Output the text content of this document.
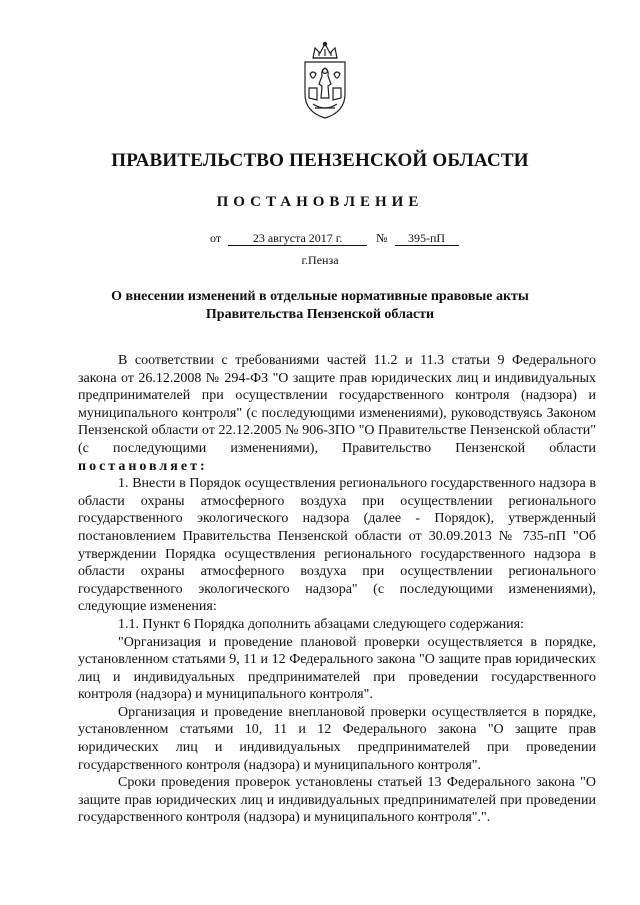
ПРАВИТЕЛЬСТВО ПЕНЗЕНСКОЙ ОБЛАСТИ
ПОСТАНОВЛЕНИЕ
от	23 августа 2017 г.	№ 395-пП
г.Пенза
О внесении изменений в отдельные нормативные правовые акты
Правительства Пензенской области

В соответствии с требованиями частей 11.2 и 11.3 статьи 9 Федерального закона от 26.12.2008 № 294-ФЗ "О защите прав юридических лиц и индивидуальных предпринимателей при осуществлении государственного контроля (надзора) и муниципального контроля" (с последующими изменениями), руководствуясь Законом Пензенской области от 22.12.2005 № 906-ЗПО "О Правительстве Пензенской области" (с последующими изменениями), Правительство Пензенской области постановляет:

1. Внести в Порядок осуществления регионального государственного надзора в области охраны атмосферного воздуха при осуществлении регионального государственного экологического надзора (далее - Порядок), утвержденный постановлением Правительства Пензенской области от 30.09.2013 № 735-пП "Об утверждении Порядка осуществления регионального государственного надзора в области охраны атмосферного воздуха при осуществлении регионального государственного экологического надзора" (с последующими изменениями), следующие изменения:

1.1. Пункт 6 Порядка дополнить абзацами следующего содержания:

"Организация и проведение плановой проверки осуществляется в порядке, установленном статьями 9, 11 и 12 Федерального закона "О защите прав юридических лиц и индивидуальных предпринимателей при проведении государственного контроля (надзора) и муниципального контроля".

Организация и проведение внеплановой проверки осуществляется в порядке, установленном статьями 10, 11 и 12 Федерального закона "О защите прав юридических лиц и индивидуальных предпринимателей при проведении государственного контроля (надзора) и муниципального контроля".

Сроки проведения проверок установлены статьей 13 Федерального закона "О защите прав юридических лиц и индивидуальных предпринимателей при проведении государственного контроля (надзора) и муниципального контроля".".
